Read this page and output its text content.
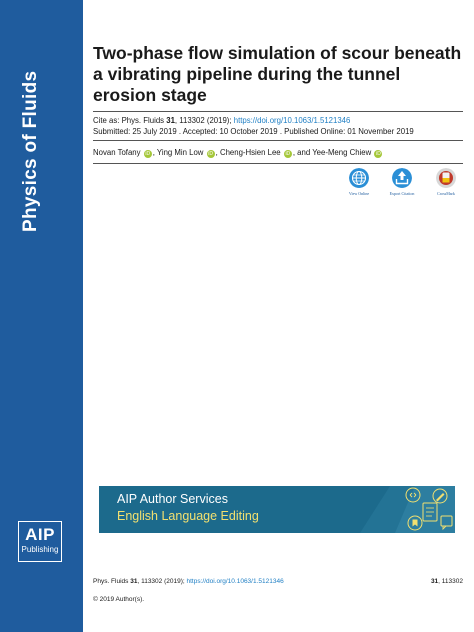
Physics of Fluids
AIP
Publishing
Two-phase flow simulation of scour beneath a vibrating pipeline during the tunnel erosion stage
Cite as: Phys. Fluids 31, 113302 (2019); https://doi.org/10.1063/1.5121346
Submitted: 25 July 2019 . Accepted: 10 October 2019 . Published Online: 01 November 2019
Novan Tofany iD , Ying Min Low iD , Cheng-Hsien Lee iD , and Yee-Meng Chiew iD
View Online	Export Citation	CrossMark
AIP Author Services
English Language Editing
Phys. Fluids 31, 113302 (2019); https://doi.org/10.1063/1.5121346	31, 113302
© 2019 Author(s).
